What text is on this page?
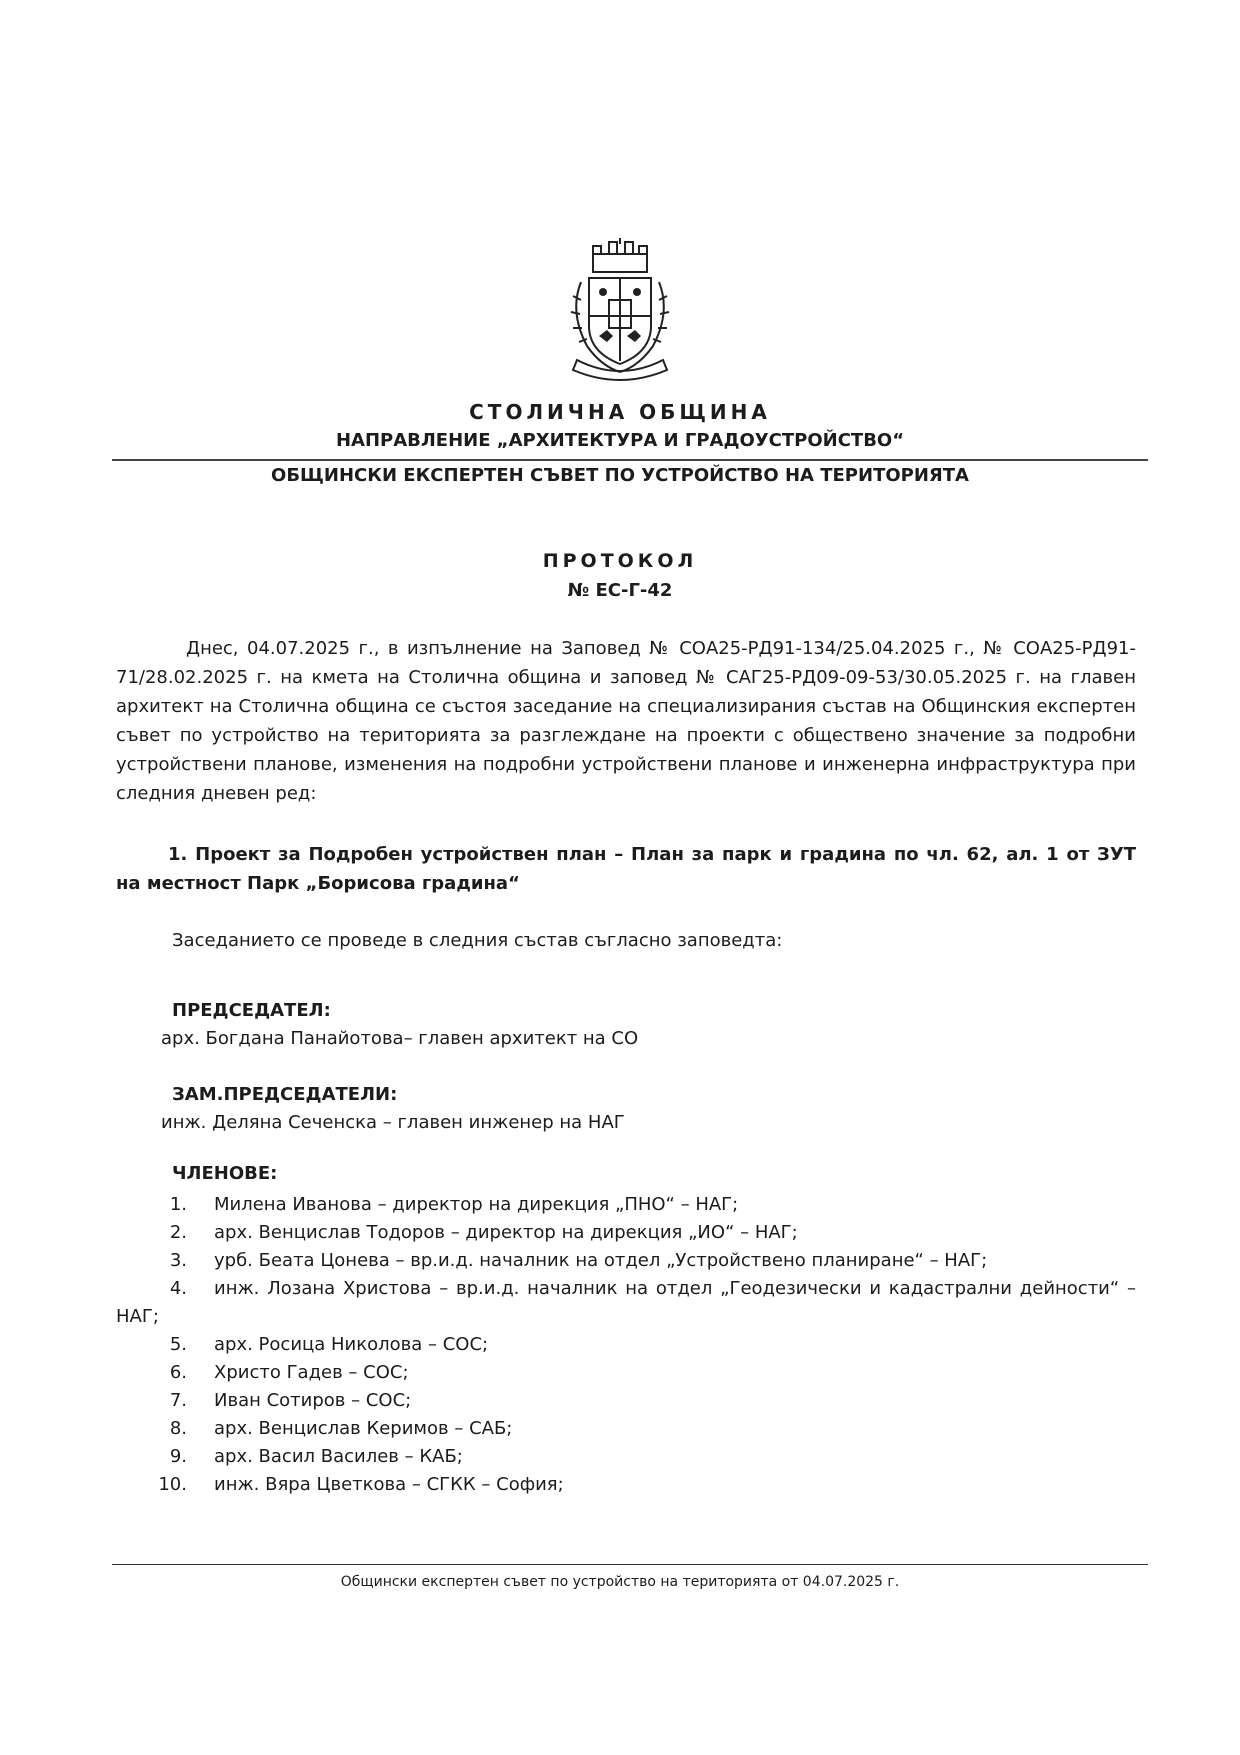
СТОЛИЧНА ОБЩИНА
НАПРАВЛЕНИЕ „АРХИТЕКТУРА И ГРАДОУСТРОЙСТВО“
ОБЩИНСКИ ЕКСПЕРТЕН СЪВЕТ ПО УСТРОЙСТВО НА ТЕРИТОРИЯТА
ПРОТОКОЛ
№ ЕС-Г-42
Днес, 04.07.2025 г., в изпълнение на Заповед № СОА25-РД91-134/25.04.2025 г., № СОА25-РД91-71/28.02.2025 г. на кмета на Столична община и заповед № САГ25-РД09-09-53/30.05.2025 г. на главен архитект на Столична община се състоя заседание на специализирания състав на Общинския експертен съвет по устройство на територията за разглеждане на проекти с обществено значение за подробни устройствени планове, изменения на подробни устройствени планове и инженерна инфраструктура при следния дневен ред:
1. Проект за Подробен устройствен план – План за парк и градина по чл. 62, ал. 1 от ЗУТ на местност Парк „Борисова градина“
Заседанието се проведе в следния състав съгласно заповедта:
ПРЕДСЕДАТЕЛ:
арх. Богдана Панайотова– главен архитект на СО
ЗАМ.ПРЕДСЕДАТЕЛИ:
инж. Деляна Сеченска – главен инженер на НАГ
ЧЛЕНОВЕ:
1. Милена Иванова – директор на дирекция „ПНО“ – НАГ;
2. арх. Венцислав Тодоров – директор на дирекция „ИО“ – НАГ;
3. урб. Беата Цонева – вр.и.д. началник на отдел „Устройствено планиране“ – НАГ;
4.	инж. Лозана Христова – вр.и.д. началник на отдел „Геодезически и кадастрални дейности“ – НАГ;
5. арх. Росица Николова – СОС;
6. Христо Гадев – СОС;
7. Иван Сотиров – СОС;
8. арх. Венцислав Керимов – САБ;
9. арх. Васил Василев – КАБ;
10. инж. Вяра Цветкова – СГКК – София;
Общински експертен съвет по устройство на територията от 04.07.2025 г.
